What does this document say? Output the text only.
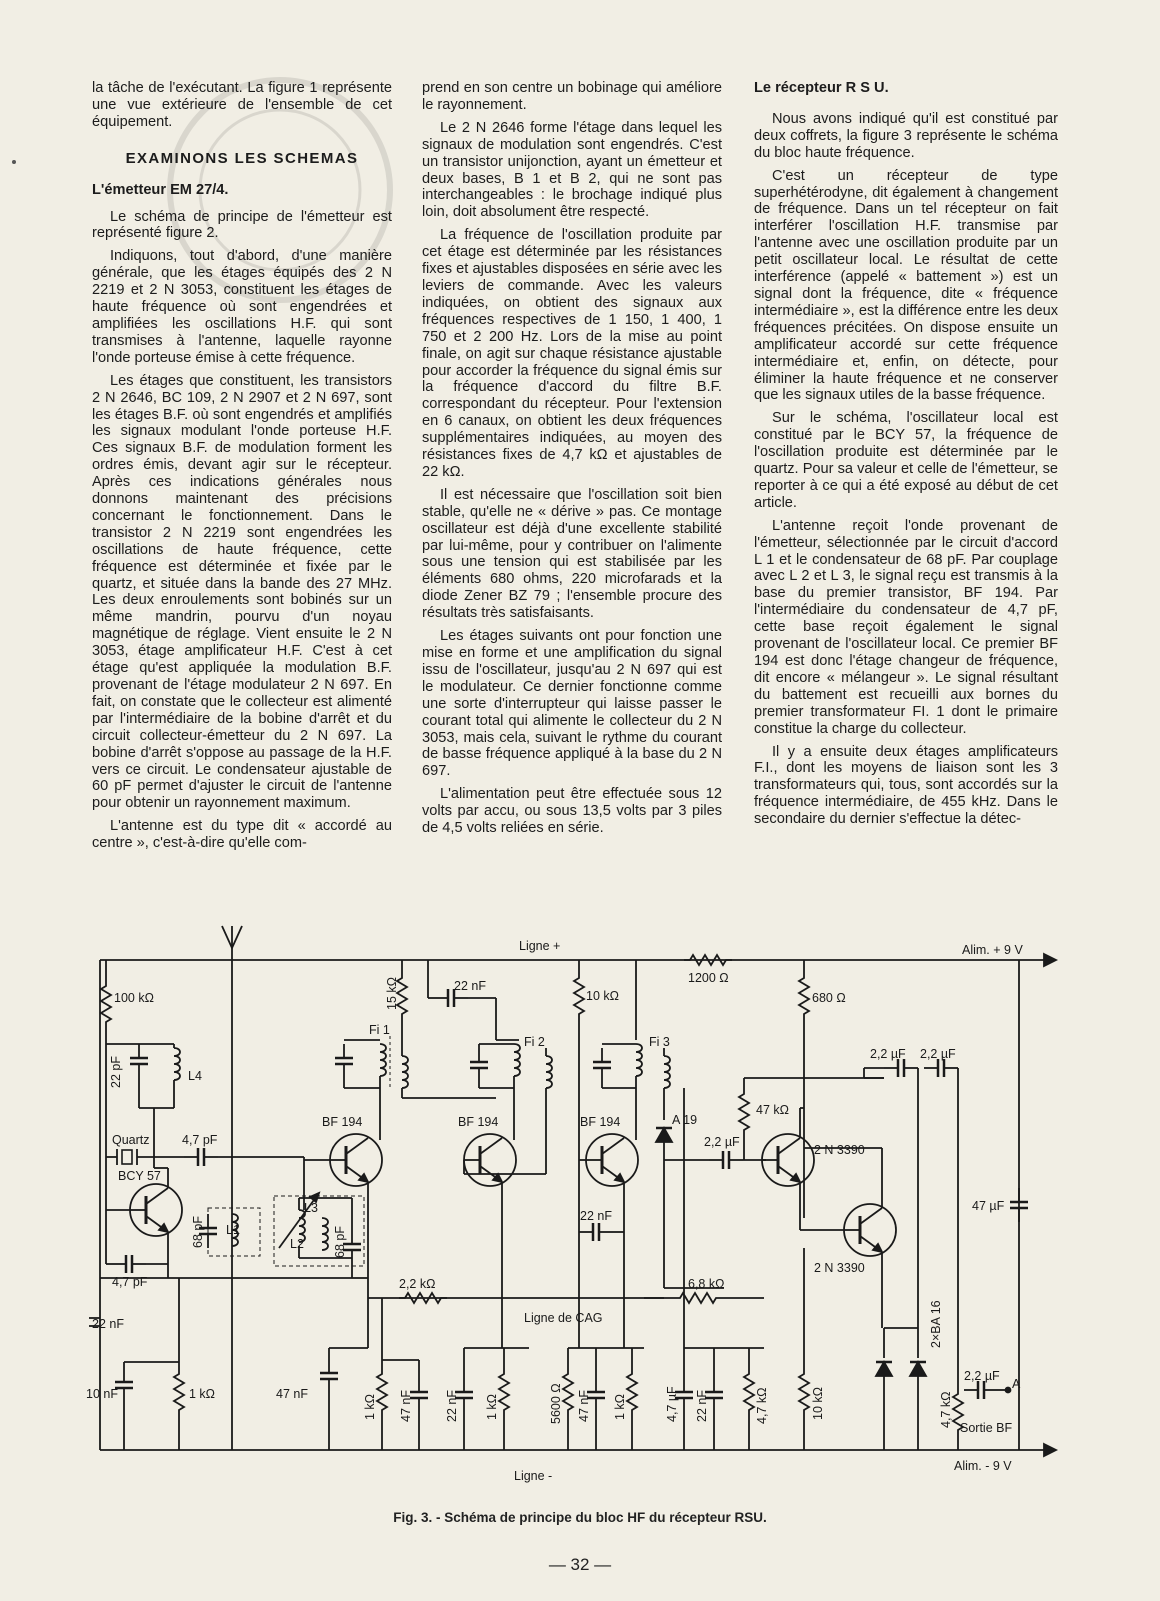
la tâche de l'exécutant. La figure 1 représente une vue extérieure de l'ensemble de cet équipement.

EXAMINONS LES SCHEMAS
L'émetteur EM 27/4.

Le schéma de principe de l'émetteur est représenté figure 2.

Indiquons, tout d'abord, d'une manière générale, que les étages équipés des 2 N 2219 et 2 N 3053, constituent les étages de haute fréquence où sont engendrées et amplifiées les oscillations H.F. qui sont transmises à l'antenne, laquelle rayonne l'onde porteuse émise à cette fréquence.

Les étages que constituent, les transistors 2 N 2646, BC 109, 2 N 2907 et 2 N 697, sont les étages B.F. où sont engendrés et amplifiés les signaux modulant l'onde porteuse H.F. Ces signaux B.F. de modulation forment les ordres émis, devant agir sur le récepteur. Après ces indications générales nous donnons maintenant des précisions concernant le fonctionnement. Dans le transistor 2 N 2219 sont engendrées les oscillations de haute fréquence, cette fréquence est déterminée et fixée par le quartz, et située dans la bande des 27 MHz. Les deux enroulements sont bobinés sur un même mandrin, pourvu d'un noyau magnétique de réglage. Vient ensuite le 2 N 3053, étage amplificateur H.F. C'est à cet étage qu'est appliquée la modulation B.F. provenant de l'étage modulateur 2 N 697. En fait, on constate que le collecteur est alimenté par l'intermédiaire de la bobine d'arrêt et du circuit collecteur-émetteur du 2 N 697. La bobine d'arrêt s'oppose au passage de la H.F. vers ce circuit. Le condensateur ajustable de 60 pF permet d'ajuster le circuit de l'antenne pour obtenir un rayonnement maximum.

L'antenne est du type dit « accordé au centre », c'est-à-dire qu'elle com-

prend en son centre un bobinage qui améliore le rayonnement.

Le 2 N 2646 forme l'étage dans lequel les signaux de modulation sont engendrés. C'est un transistor unijonction, ayant un émetteur et deux bases, B 1 et B 2, qui ne sont pas interchangeables : le brochage indiqué plus loin, doit absolument être respecté.

La fréquence de l'oscillation produite par cet étage est déterminée par les résistances fixes et ajustables disposées en série avec les leviers de commande. Avec les valeurs indiquées, on obtient des signaux aux fréquences respectives de 1 150, 1 400, 1 750 et 2 200 Hz. Lors de la mise au point finale, on agit sur chaque résistance ajustable pour accorder la fréquence du signal émis sur la fréquence d'accord du filtre B.F. correspondant du récepteur. Pour l'extension en 6 canaux, on obtient les deux fréquences supplémentaires indiquées, au moyen des résistances fixes de 4,7 kΩ et ajustables de 22 kΩ.

Il est nécessaire que l'oscillation soit bien stable, qu'elle ne « dérive » pas. Ce montage oscillateur est déjà d'une excellente stabilité par lui-même, pour y contribuer on l'alimente sous une tension qui est stabilisée par les éléments 680 ohms, 220 microfarads et la diode Zener BZ 79 ; l'ensemble procure des résultats très satisfaisants.

Les étages suivants ont pour fonction une mise en forme et une amplification du signal issu de l'oscillateur, jusqu'au 2 N 697 qui est le modulateur. Ce dernier fonctionne comme une sorte d'interrupteur qui laisse passer le courant total qui alimente le collecteur du 2 N 3053, mais cela, suivant le rythme du courant de basse fréquence appliqué à la base du 2 N 697.

L'alimentation peut être effectuée sous 12 volts par accu, ou sous 13,5 volts par 3 piles de 4,5 volts reliées en série.

Le récepteur R S U.

Nous avons indiqué qu'il est constitué par deux coffrets, la figure 3 représente le schéma du bloc haute fréquence.

C'est un récepteur de type superhétérodyne, dit également à changement de fréquence. Dans un tel récepteur on fait interférer l'oscillation H.F. transmise par l'antenne avec une oscillation produite par un petit oscillateur local. Le résultat de cette interférence (appelé « battement ») est un signal dont la fréquence, dite « fréquence intermédiaire », est la différence entre les deux fréquences précitées. On dispose ensuite un amplificateur accordé sur cette fréquence intermédiaire et, enfin, on détecte, pour éliminer la haute fréquence et ne conserver que les signaux utiles de la basse fréquence.

Sur le schéma, l'oscillateur local est constitué par le BCY 57, la fréquence de l'oscillation produite est déterminée par le quartz. Pour sa valeur et celle de l'émetteur, se reporter à ce qui a été exposé au début de cet article.

L'antenne reçoit l'onde provenant de l'émetteur, sélectionnée par le circuit d'accord L 1 et le condensateur de 68 pF. Par couplage avec L 2 et L 3, le signal reçu est transmis à la base du premier transistor, BF 194. Par l'intermédiaire du condensateur de 4,7 pF, cette base reçoit également le signal provenant de l'oscillateur local. Ce premier BF 194 est donc l'étage changeur de fréquence, dit encore « mélangeur ». Le signal résultant du battement est recueilli aux bornes du premier transformateur FI. 1 dont le primaire constitue la charge du collecteur.

Il y a ensuite deux étages amplificateurs F.I., dont les moyens de liaison sont les 3 transformateurs qui, tous, sont accordés sur la fréquence intermédiaire, de 455 kHz. Dans le secondaire du dernier s'effectue la détec-

Ligne +
Ligne -
Ligne de CAG
Alim. + 9 V
Alim. - 9 V
100 kΩ
22 pF	L4
Quartz	4,7 pF
BCY 57
68 pF L1
L2
L3
68 pF
4,7 pF
22 nF
10 nF	1 kΩ
15 kΩ	22 nF
Fi 1
BF 194
47 nF	1 kΩ 47 nF
2,2 kΩ
Fi 2
BF 194
22 nF 1 kΩ
10 kΩ
Fi 3
BF 194
22 nF
5600 Ω 47 nF 1 kΩ
A 19
2,2 µF
4,7 µF 22 nF
6,8 kΩ
4,7 kΩ
1200 Ω
680 Ω
2,2 µF 2,2 µF
47 kΩ
2 N 3390
2 N 3390
10 kΩ
47 µF
2×BA 16
4,7 kΩ
2,2 µF
A
Sortie BF
Fig. 3. - Schéma de principe du bloc HF du récepteur RSU.
— 32 —
